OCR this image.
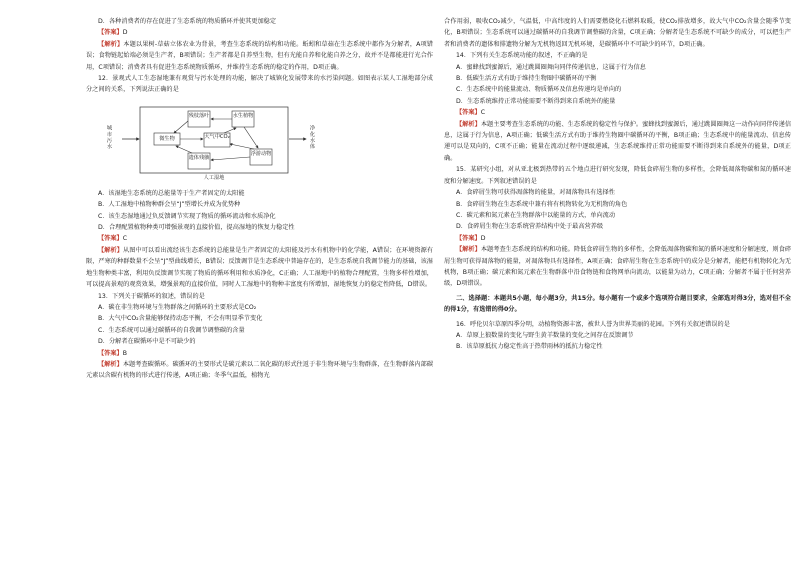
D．各种消费者的存在促进了生态系统的物质循环并使其更加稳定

【答案】D

【解析】本题以果树-草菇立体农业为背景，考查生态系统的结构和功能。蚯蚓和草菇在生态系统中都作为分解者，A项错误；食物链起始端必须是生产者，B项错误；生产者都是自养型生物，但有光能自养和化能自养之分，故并不是都能进行光合作用，C项错误；消费者具有促进生态系统物质循环，并维持生态系统的稳定的作用，D项正确。

12．景观式人工生态湿地兼有观赏与污水处理的功能，解决了城镇化发展带来的水污染问题。如图表示某人工湿地部分成分之间的关系，下列说法正确的是

城市污水	净化水体
残枝落叶
微生物
水生植物
大气中CO₂
浮游动物
遗体残骸
人工湿地

A．该湿地生态系统的总能量等于生产者固定的太阳能

B．人工湿地中植物种群会呈“J”型增长并成为优势种

C．该生态湿地通过负反馈调节实现了物质的循环流动和水质净化

D．合理配置植物种类可增强景观的直接价值，提高湿地的恢复力稳定性

【答案】C

【解析】从图中可以看出流经该生态系统的总能量是生产者固定的太阳能及污水有机物中的化学能，A错误；在环境资源有限，严寒的种群数量不会呈“J”型曲线增长，B错误；反馈调节是生态系统中普遍存在的，是生态系统自我调节能力的基础，该湿地生物种类丰富，利用负反馈调节实现了物质的循环利用和水质净化，C正确；人工湿地中的植物合理配置，生物多样性增加，可以提高景观的观赏效果，增强景观的直接价值，同时人工湿地中的物种丰富度有所增加，湿地恢复力的稳定性降低，D错误。

13．下列关于碳循环的叙述，错误的是

A．碳在非生物环境与生物群落之间循环的主要形式是CO₂

B．大气中CO₂含量能够保持动态平衡，不会有明显季节变化

C．生态系统可以通过碳循环的自我调节调整碳的含量

D．分解者在碳循环中是不可缺少的

【答案】B

【解析】本题考查碳循环。碳循环的主要形式是碳元素以二氧化碳的形式往返于非生物环境与生物群落，在生物群落内部碳元素以含碳有机物的形式进行传递，A项正确；冬季气温低，植物光

合作用弱，吸收CO₂减少，气温低，中高纬度的人们需要燃烧化石燃料取暖，使CO₂排放增多，故大气中CO₂含量会随季节变化，B项错误；生态系统可以通过碳循环的自我调节调整碳的含量，C项正确；分解者是生态系统不可缺少的成分，可以把生产者和消费者的遗体和排遗物分解为无机物返回无机环境，是碳循环中不可缺少的环节，D项正确。

14．下列有关生态系统功能的叙述，不正确的是

A．蜜蜂找到蜜源后，通过跳圆圈舞向同伴传递信息，这属于行为信息

B．低碳生活方式有助于维持生物圈中碳循环的平衡

C．生态系统中的能量流动、物质循环及信息传递均是单向的

D．生态系统维持正常功能需要不断得到来自系统外的能量

【答案】C

【解析】本题主要考查生态系统的功能、生态系统的稳定性与保护。蜜蜂找到蜜源后，通过跳圆圈舞这一动作向同伴传递信息，这属于行为信息，A项正确；低碳生活方式有助于维持生物圈中碳循环的平衡，B项正确；生态系统中的能量流动、信息传递可以是双向的，C项不正确；能量在流动过程中逐级递减，生态系统维持正常功能需要不断得到来自系统外的能量，D项正确。

15．某研究小组，对从亚北极到热带的五个地点进行研究发现，降低食碎屑生物的多样性，会降低凋落物碳和氮的循环速度和分解速度。下列叙述错误的是

A．食碎屑生物可获得凋落物的能量，对凋落物具有选择性

B．食碎屑生物在生态系统中兼有将有机物转化为无机物的角色

C．碳元素和氮元素在生物群落中以能量的方式，单向流动

D．食碎屑生物在生态系统营养结构中处于最高营养级

【答案】D

【解析】本题考查生态系统的结构和功能。降低食碎屑生物的多样性，会降低凋落物碳和氮的循环速度和分解速度，则食碎屑生物可获得凋落物的能量，对凋落物具有选择性，A项正确；食碎屑生物在生态系统中的成分是分解者，能把有机物转化为无机物，B项正确；碳元素和氮元素在生物群落中沿食物链和食物网单向流动，以能量为动力，C项正确；分解者不属于任何营养级，D项错误。

二、选择题：本题共5小题，每小题3分，共15分。每小题有一个或多个选项符合题目要求，全部选对得3分，选对但不全的得1分，有选错的得0分。

16．呼伦贝尔草原四季分明，动植物资源丰富，被世人誉为世界美丽的花园。下列有关叙述错误的是

A．草原上狼数量的变化与野生黄羊数量的变化之间存在反馈调节

B．该草原抵抗力稳定性高于热带雨林的抵抗力稳定性
